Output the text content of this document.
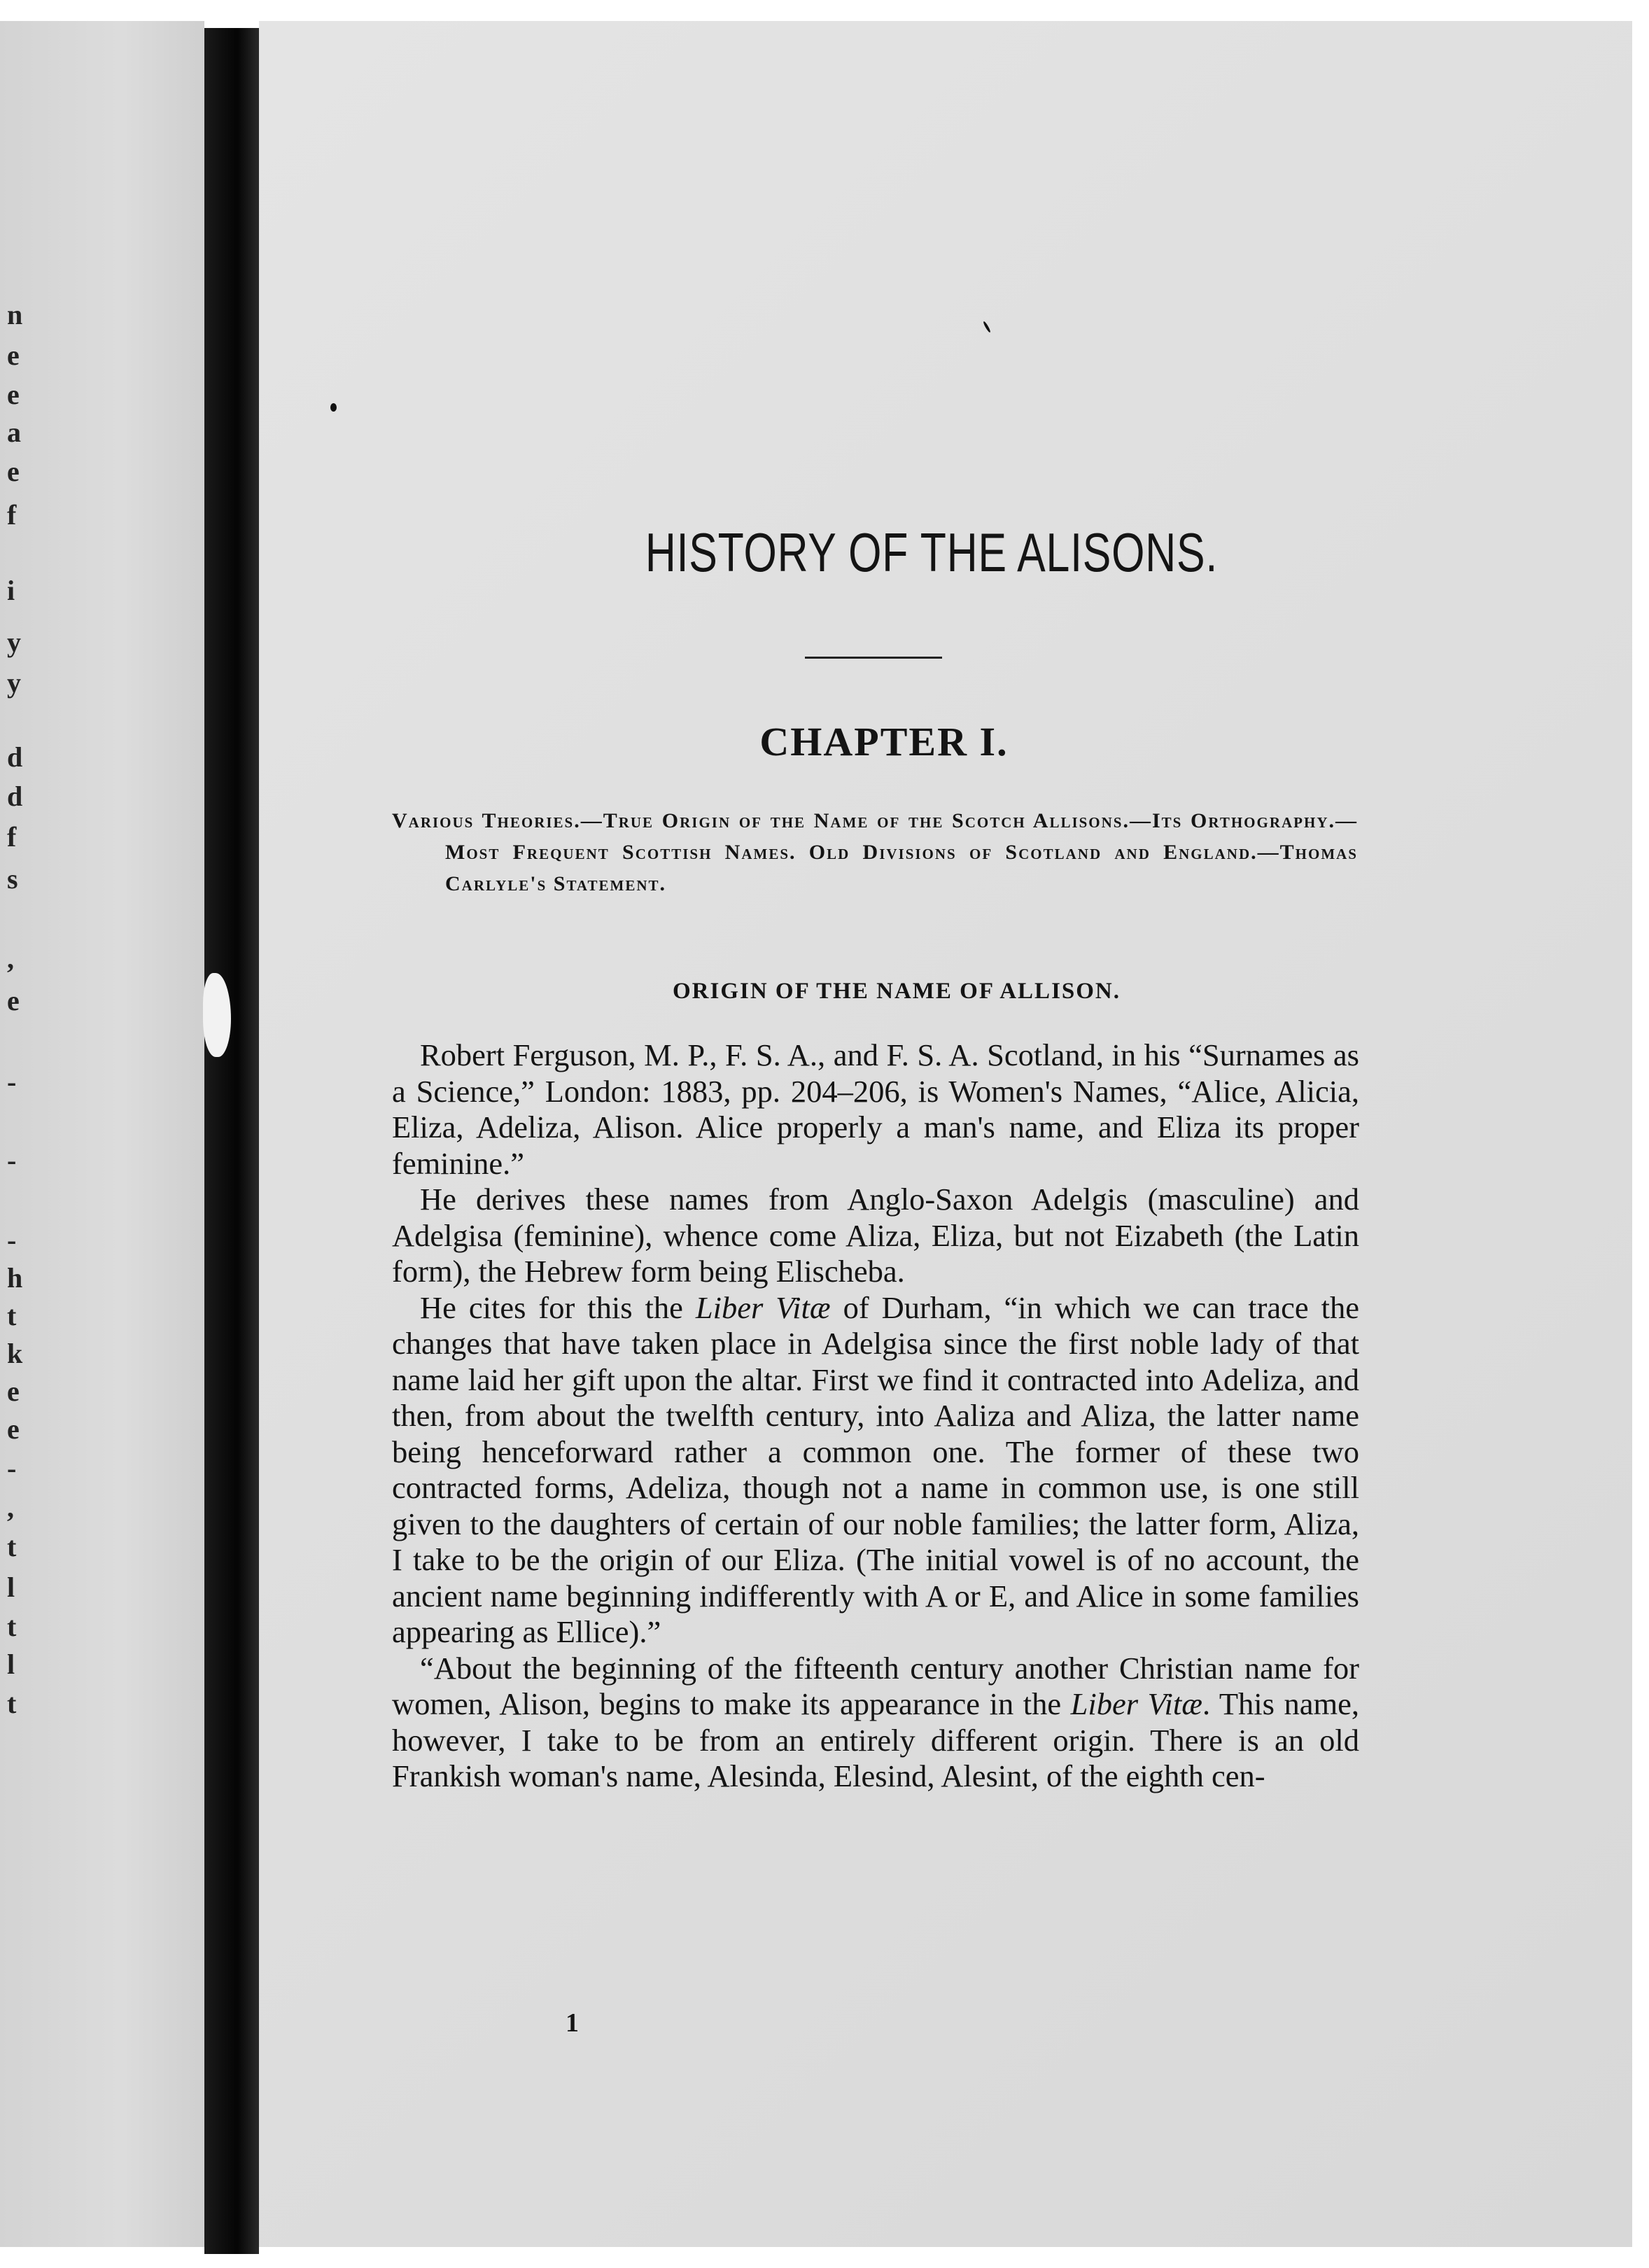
n
e
e
a
e
f
i
y
y
d
d
f
s
,
e
-
-
-
h
t
k
e
e
-
,
t
l
t
l
t
HISTORY OF THE ALISONS.
CHAPTER I.

Various Theories.—True Origin of the Name of the Scotch Allisons.—Its Orthography.—Most Frequent Scottish Names. Old Divisions of Scotland and England.—Thomas Carlyle's Statement.

ORIGIN OF THE NAME OF ALLISON.

Robert Ferguson, M. P., F. S. A., and F. S. A. Scotland, in his “Surnames as a Science,” London: 1883, pp. 204–206, is Women's Names, “Alice, Alicia, Eliza, Adeliza, Alison. Alice properly a man's name, and Eliza its proper feminine.”

He derives these names from Anglo-Saxon Adelgis (masculine) and Adelgisa (feminine), whence come Aliza, Eliza, but not Eizabeth (the Latin form), the Hebrew form being Elischeba.

He cites for this the Liber Vitæ of Durham, “in which we can trace the changes that have taken place in Adelgisa since the first noble lady of that name laid her gift upon the altar. First we find it contracted into Adeliza, and then, from about the twelfth century, into Aaliza and Aliza, the latter name being henceforward rather a common one. The former of these two contracted forms, Adeliza, though not a name in common use, is one still given to the daughters of certain of our noble families; the latter form, Aliza, I take to be the origin of our Eliza. (The initial vowel is of no account, the ancient name beginning indifferently with A or E, and Alice in some families appearing as Ellice).”

“About the beginning of the fifteenth century another Christian name for women, Alison, begins to make its appearance in the Liber Vitæ. This name, however, I take to be from an entirely different origin. There is an old Frankish woman's name, Alesinda, Elesind, Alesint, of the eighth cen-

1
